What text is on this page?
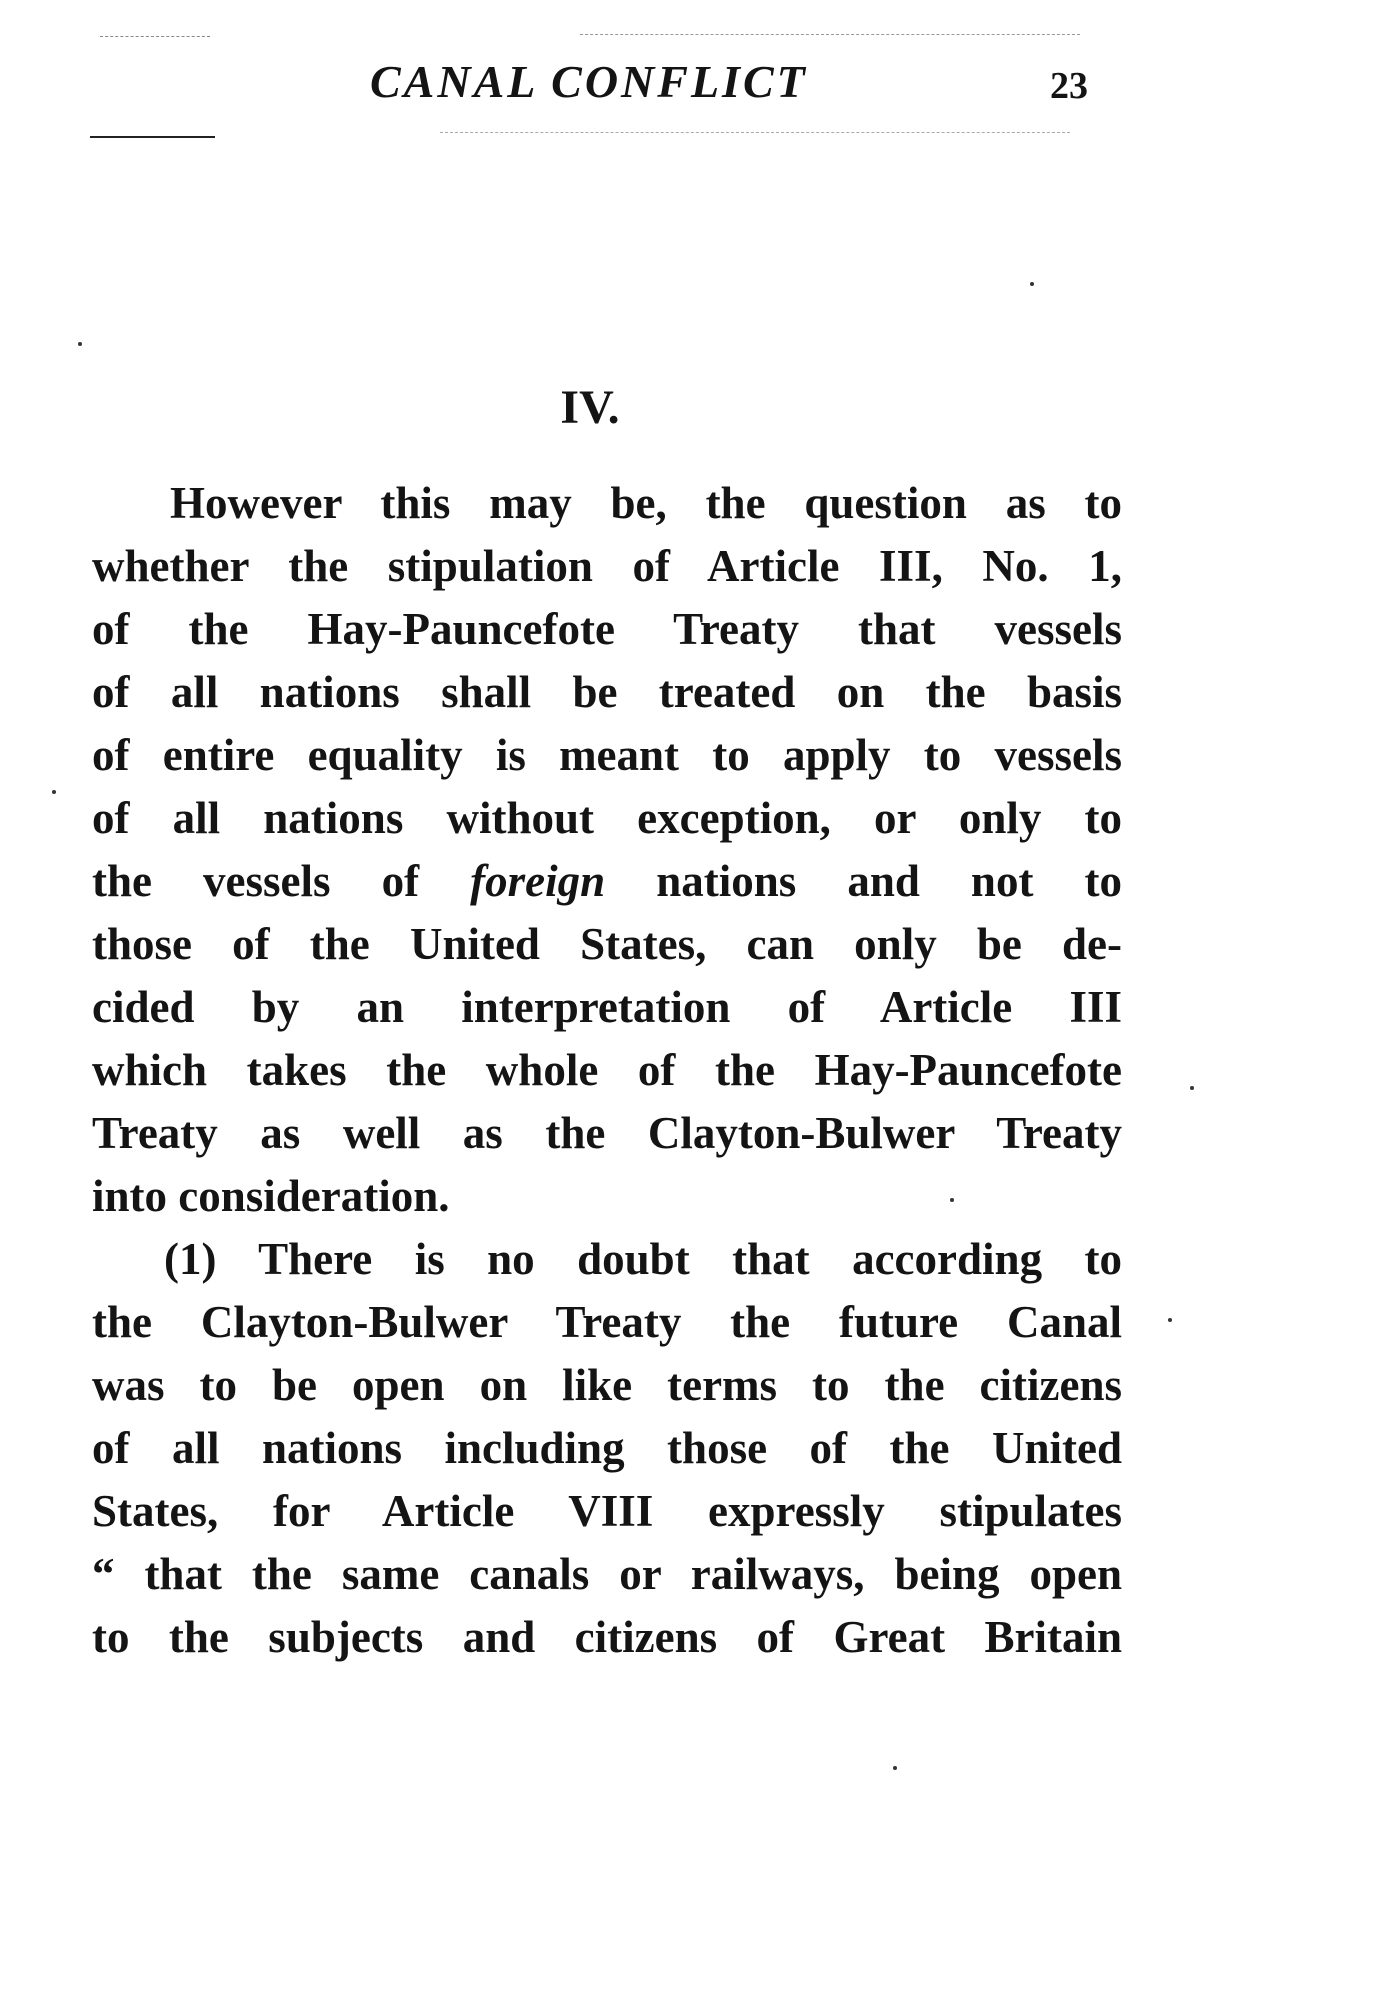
CANAL CONFLICT	23
IV.
However this may be, the question as to
whether the stipulation of Article III, No. 1,
of the Hay-Pauncefote Treaty that vessels
of all nations shall be treated on the basis
of entire equality is meant to apply to vessels
of all nations without exception, or only to
the vessels of foreign nations and not to
those of the United States, can only be de-
cided by an interpretation of Article III
which takes the whole of the Hay-Pauncefote
Treaty as well as the Clayton-Bulwer Treaty
into consideration.
(1) There is no doubt that according to
the Clayton-Bulwer Treaty the future Canal
was to be open on like terms to the citizens
of all nations including those of the United
States, for Article VIII expressly stipulates
“ that the same canals or railways, being open
to the subjects and citizens of Great Britain
